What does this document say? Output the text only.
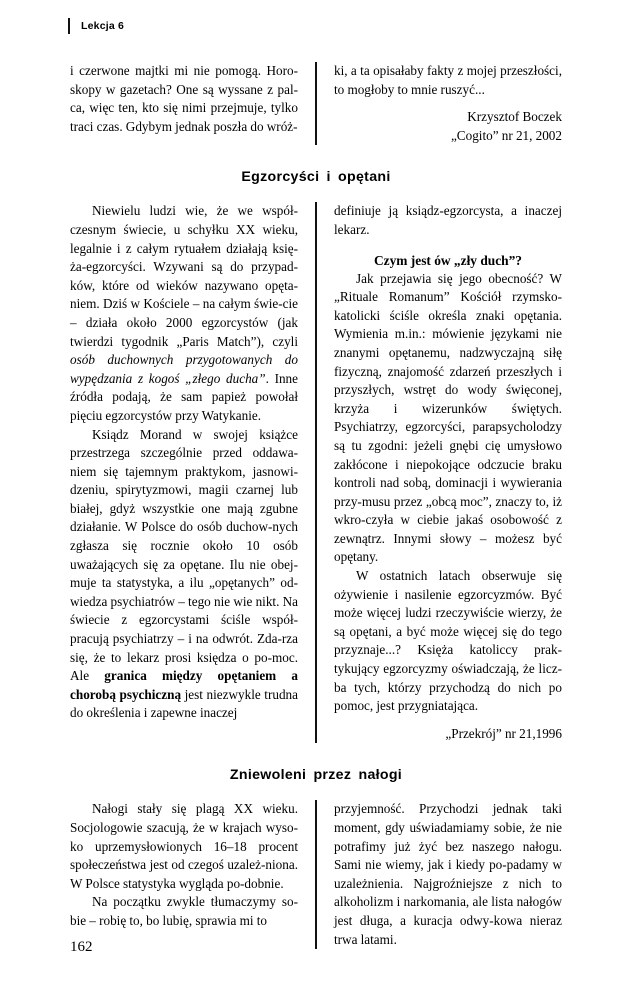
Lekcja 6

i czerwone majtki mi nie pomogą. Horo-skopy w gazetach? One są wyssane z pal-ca, więc ten, kto się nimi przejmuje, tylko traci czas. Gdybym jednak poszła do wróż-

ki, a ta opisałaby fakty z mojej przeszłości, to mogłoby to mnie ruszyć...

Krzysztof Boczek

„Cogito” nr 21, 2002

Egzorcyści i opętani

Niewielu ludzi wie, że we współ-czesnym świecie, u schyłku XX wieku, legalnie i z całym rytuałem działają księ-ża-egzorcyści. Wzywani są do przypad-ków, które od wieków nazywano opęta-niem. Dziś w Kościele – na całym świe-cie – działa około 2000 egzorcystów (jak twierdzi tygodnik „Paris Match”), czyli osób duchownych przygotowanych do wypędzania z kogoś „złego ducha”. Inne źródła podają, że sam papież powołał pięciu egzorcystów przy Watykanie.

Ksiądz Morand w swojej książce przestrzega szczególnie przed oddawa-niem się tajemnym praktykom, jasnowi-dzeniu, spirytyzmowi, magii czarnej lub białej, gdyż wszystkie one mają zgubne działanie. W Polsce do osób duchow-nych zgłasza się rocznie około 10 osób uważających się za opętane. Ilu nie obej-muje ta statystyka, a ilu „opętanych” od-wiedza psychiatrów – tego nie wie nikt. Na świecie z egzorcystami ściśle współ-pracują psychiatrzy – i na odwrót. Zda-rza się, że to lekarz prosi księdza o po-moc. Ale granica między opętaniem a chorobą psychiczną jest niezwykle trudna do określenia i zapewne inaczej

definiuje ją ksiądz-egzorcysta, a inaczej lekarz.

Czym jest ów „zły duch”?

Jak przejawia się jego obecność? W „Rituale Romanum” Kościół rzymsko-katolicki ściśle określa znaki opętania. Wymienia m.in.: mówienie językami nie znanymi opętanemu, nadzwyczajną siłę fizyczną, znajomość zdarzeń przeszłych i przyszłych, wstręt do wody święconej, krzyża i wizerunków świętych. Psychiatrzy, egzorcyści, parapsycholodzy są tu zgodni: jeżeli gnębi cię umysłowo zakłócone i niepokojące odczucie braku kontroli nad sobą, dominacji i wywierania przy-musu przez „obcą moc”, znaczy to, iż wkro-czyła w ciebie jakaś osobowość z zewnątrz. Innymi słowy – możesz być opętany.

W ostatnich latach obserwuje się ożywienie i nasilenie egzorcyzmów. Być może więcej ludzi rzeczywiście wierzy, że są opętani, a być może więcej się do tego przyznaje...? Księża katoliccy prak-tykujący egzorcyzmy oświadczają, że licz-ba tych, którzy przychodzą do nich po pomoc, jest przygniatająca.

„Przekrój” nr 21,1996

Zniewoleni przez nałogi

Nałogi stały się plagą XX wieku. Socjologowie szacują, że w krajach wyso-ko uprzemysłowionych 16–18 procent społeczeństwa jest od czegoś uzależ-niona. W Polsce statystyka wygląda po-dobnie.

Na początku zwykle tłumaczymy so-bie – robię to, bo lubię, sprawia mi to

przyjemność. Przychodzi jednak taki moment, gdy uświadamiamy sobie, że nie potrafimy już żyć bez naszego nałogu. Sami nie wiemy, jak i kiedy po-padamy w uzależnienia. Najgroźniejsze z nich to alkoholizm i narkomania, ale lista nałogów jest długa, a kuracja odwy-kowa nieraz trwa latami.

162
